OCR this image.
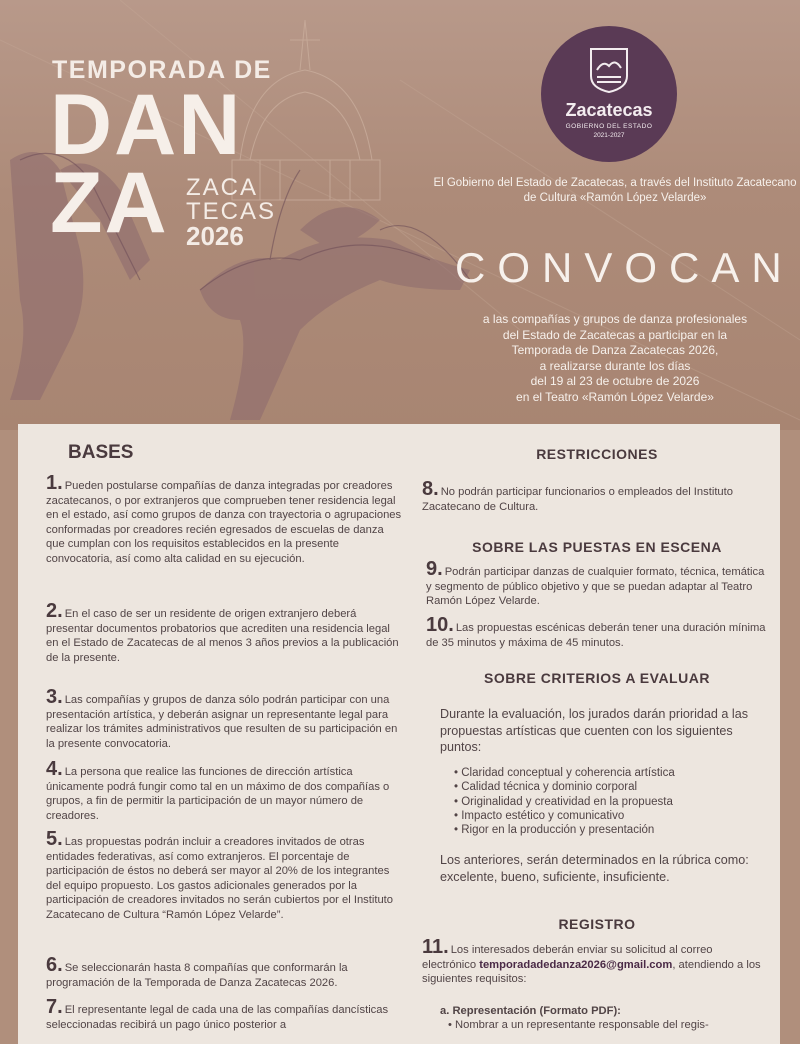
TEMPORADA DE
DAN
ZA ZACA
TECAS
2026
Zacatecas
GOBIERNO DEL ESTADO
2021-2027
El Gobierno del Estado de Zacatecas, a través del Instituto Zacatecano de Cultura «Ramón López Velarde»
CONVOCAN
a las compañías y grupos de danza profesionales
del Estado de Zacatecas a participar en la
Temporada de Danza Zacatecas 2026,
a realizarse durante los días
del 19 al 23 de octubre de 2026
en el Teatro «Ramón López Velarde»
BASES
1. Pueden postularse compañías de danza integradas por creadores zacatecanos, o por extranjeros que comprueben tener residencia legal en el estado, así como grupos de danza con trayectoria o agrupaciones conformadas por creadores recién egresados de escuelas de danza que cumplan con los requisitos establecidos en la presente convocatoria, así como alta calidad en su ejecución.
2. En el caso de ser un residente de origen extranjero deberá presentar documentos probatorios que acrediten una residencia legal en el Estado de Zacatecas de al menos 3 años previos a la publicación de la presente.
3. Las compañías y grupos de danza sólo podrán participar con una presentación artística, y deberán asignar un representante legal para realizar los trámites administrativos que resulten de su participación en la presente convocatoria.
4. La persona que realice las funciones de dirección artística únicamente podrá fungir como tal en un máximo de dos compañías o grupos, a fin de permitir la participación de un mayor número de creadores.
5. Las propuestas podrán incluir a creadores invitados de otras entidades federativas, así como extranjeros. El porcentaje de participación de éstos no deberá ser mayor al 20% de los integrantes del equipo propuesto. Los gastos adicionales generados por la participación de creadores invitados no serán cubiertos por el Instituto Zacatecano de Cultura “Ramón López Velarde”.
6. Se seleccionarán hasta 8 compañías que conformarán la programación de la Temporada de Danza Zacatecas 2026.
7. El representante legal de cada una de las compañías dancísticas seleccionadas recibirá un pago único posterior a
RESTRICCIONES
8. No podrán participar funcionarios o empleados del Instituto Zacatecano de Cultura.
SOBRE LAS PUESTAS EN ESCENA
9. Podrán participar danzas de cualquier formato, técnica, temática y segmento de público objetivo y que se puedan adaptar al Teatro Ramón López Velarde.
10. Las propuestas escénicas deberán tener una duración mínima de 35 minutos y máxima de 45 minutos.
SOBRE CRITERIOS A EVALUAR
Durante la evaluación, los jurados darán prioridad a las propuestas artísticas que cuenten con los siguientes puntos:
• Claridad conceptual y coherencia artística
• Calidad técnica y dominio corporal
• Originalidad y creatividad en la propuesta
• Impacto estético y comunicativo
• Rigor en la producción y presentación
Los anteriores, serán determinados en la rúbrica como: excelente, bueno, suficiente, insuficiente.
REGISTRO
11. Los interesados deberán enviar su solicitud al correo electrónico temporadadedanza2026@gmail.com, atendiendo a los siguientes requisitos:
a. Representación (Formato PDF):
• Nombrar a un representante responsable del regis-
